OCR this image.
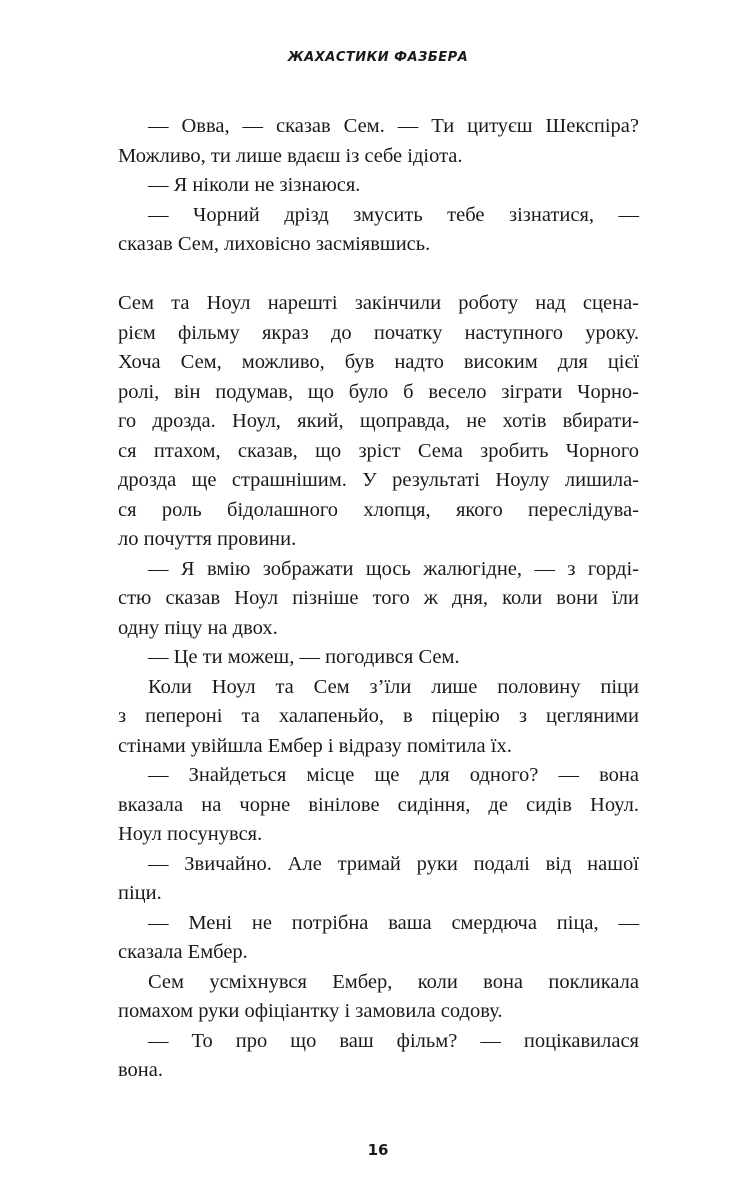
ЖАХАСТИКИ ФАЗБЕРА
— Овва, — сказав Сем. — Ти цитуєш Шекспіра?
Можливо, ти лише вдаєш із себе ідіота.
— Я ніколи не зізнаюся.
— Чорний дрізд змусить тебе зізнатися, —
сказав Сем, лиховісно засміявшись.
Сем та Ноул нарешті закінчили роботу над сцена-
рієм фільму якраз до початку наступного уроку.
Хоча Сем, можливо, був надто високим для цієї
ролі, він подумав, що було б весело зіграти Чорно-
го дрозда. Ноул, який, щоправда, не хотів вбирати-
ся птахом, сказав, що зріст Сема зробить Чорного
дрозда ще страшнішим. У результаті Ноулу лишила-
ся роль бідолашного хлопця, якого переслідува-
ло почуття провини.
— Я вмію зображати щось жалюгідне, — з горді-
стю сказав Ноул пізніше того ж дня, коли вони їли
одну піцу на двох.
— Це ти можеш, — погодився Сем.
Коли Ноул та Сем з’їли лише половину піци
з пепероні та халапеньйо, в піцерію з цегляними
стінами увійшла Ембер і відразу помітила їх.
— Знайдеться місце ще для одного? — вона
вказала на чорне вінілове сидіння, де сидів Ноул.
Ноул посунувся.
— Звичайно. Але тримай руки подалі від нашої
піци.
— Мені не потрібна ваша смердюча піца, —
сказала Ембер.
Сем усміхнувся Ембер, коли вона покликала
помахом руки офіціантку і замовила содову.
— То про що ваш фільм? — поцікавилася
вона.
16
